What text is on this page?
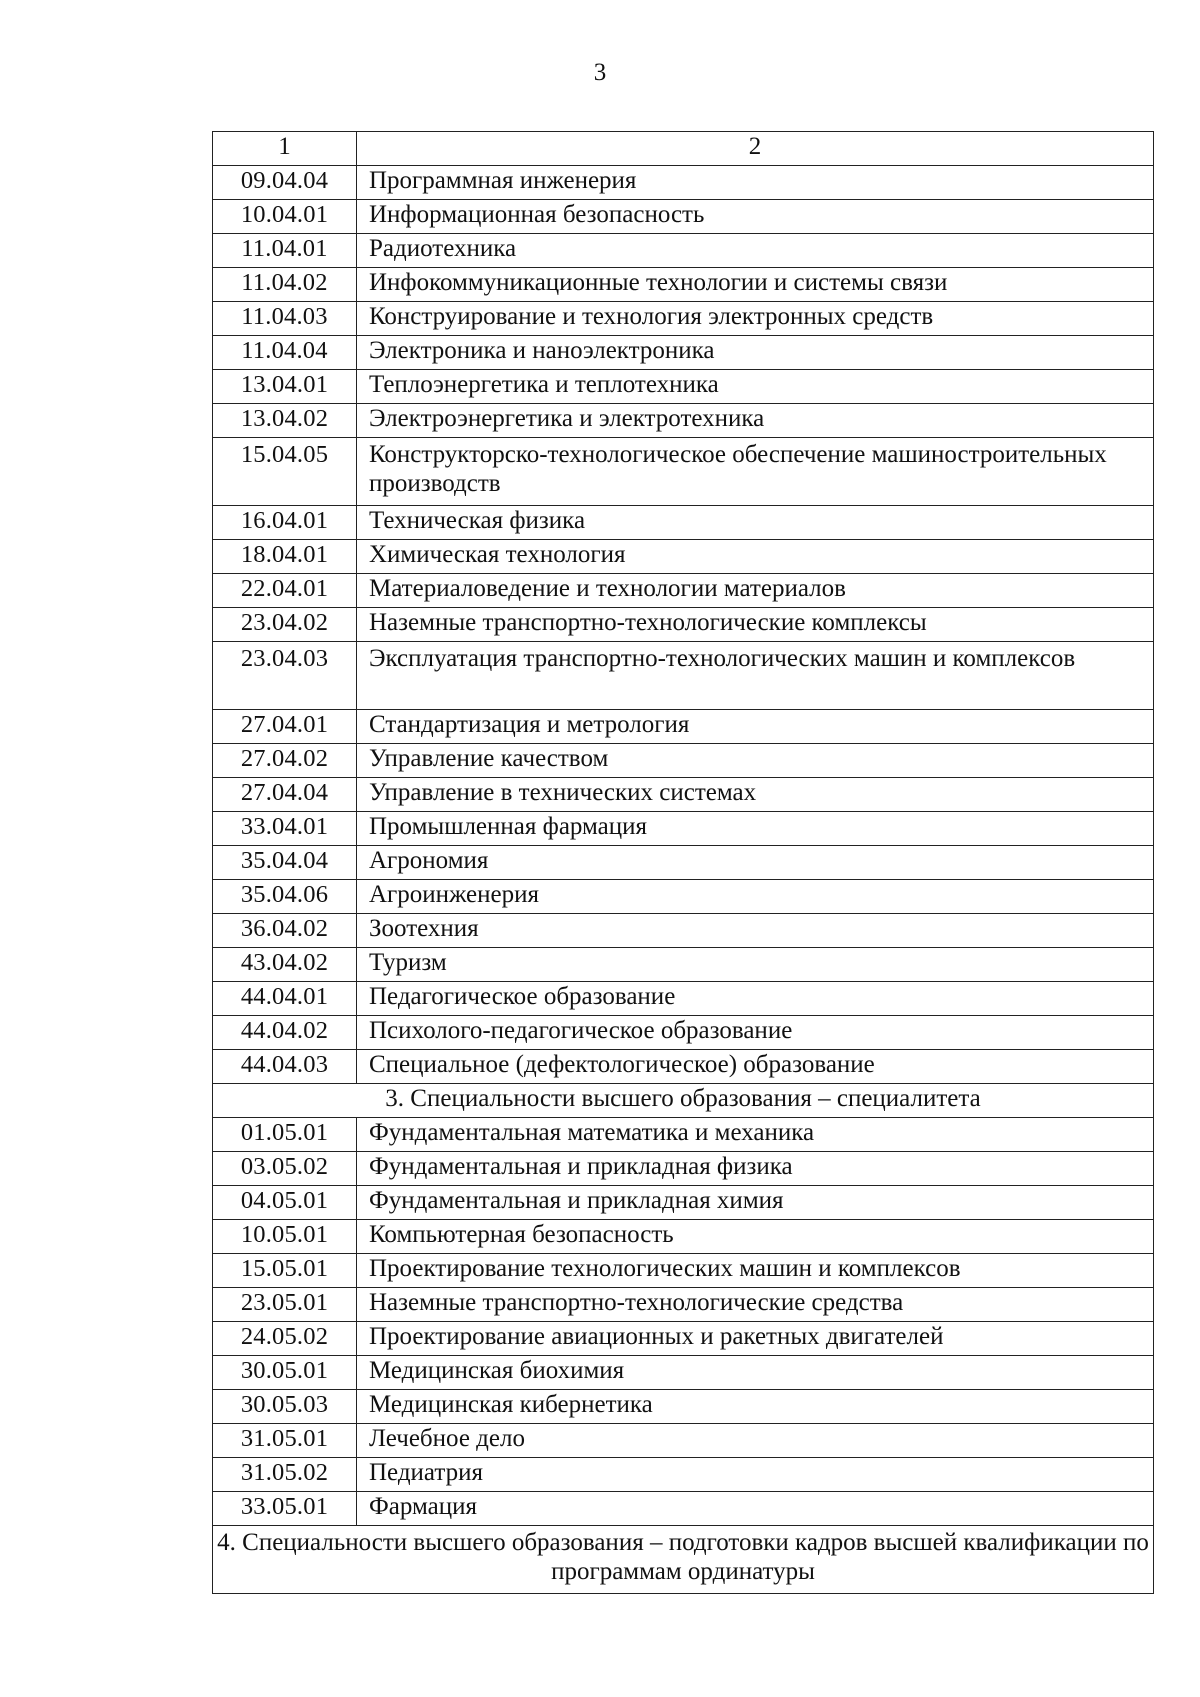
3
1	2
09.04.04	Программная инженерия
10.04.01	Информационная безопасность
11.04.01	Радиотехника
11.04.02	Инфокоммуникационные технологии и системы связи
11.04.03	Конструирование и технология электронных средств
11.04.04	Электроника и наноэлектроника
13.04.01	Теплоэнергетика и теплотехника
13.04.02	Электроэнергетика и электротехника
15.04.05	Конструкторско-технологическое обеспечение машиностроительных производств
16.04.01	Техническая физика
18.04.01	Химическая технология
22.04.01	Материаловедение и технологии материалов
23.04.02	Наземные транспортно-технологические комплексы
23.04.03	Эксплуатация транспортно-технологических машин и комплексов
27.04.01	Стандартизация и метрология
27.04.02	Управление качеством
27.04.04	Управление в технических системах
33.04.01	Промышленная фармация
35.04.04	Агрономия
35.04.06	Агроинженерия
36.04.02	Зоотехния
43.04.02	Туризм
44.04.01	Педагогическое образование
44.04.02	Психолого-педагогическое образование
44.04.03	Специальное (дефектологическое) образование
3. Специальности высшего образования – специалитета	
01.05.01	Фундаментальная математика и механика
03.05.02	Фундаментальная и прикладная физика
04.05.01	Фундаментальная и прикладная химия
10.05.01	Компьютерная безопасность
15.05.01	Проектирование технологических машин и комплексов
23.05.01	Наземные транспортно-технологические средства
24.05.02	Проектирование авиационных и ракетных двигателей
30.05.01	Медицинская биохимия
30.05.03	Медицинская кибернетика
31.05.01	Лечебное дело
31.05.02	Педиатрия
33.05.01	Фармация
4. Специальности высшего образования – подготовки кадров высшей квалификации по программам ординатуры	
